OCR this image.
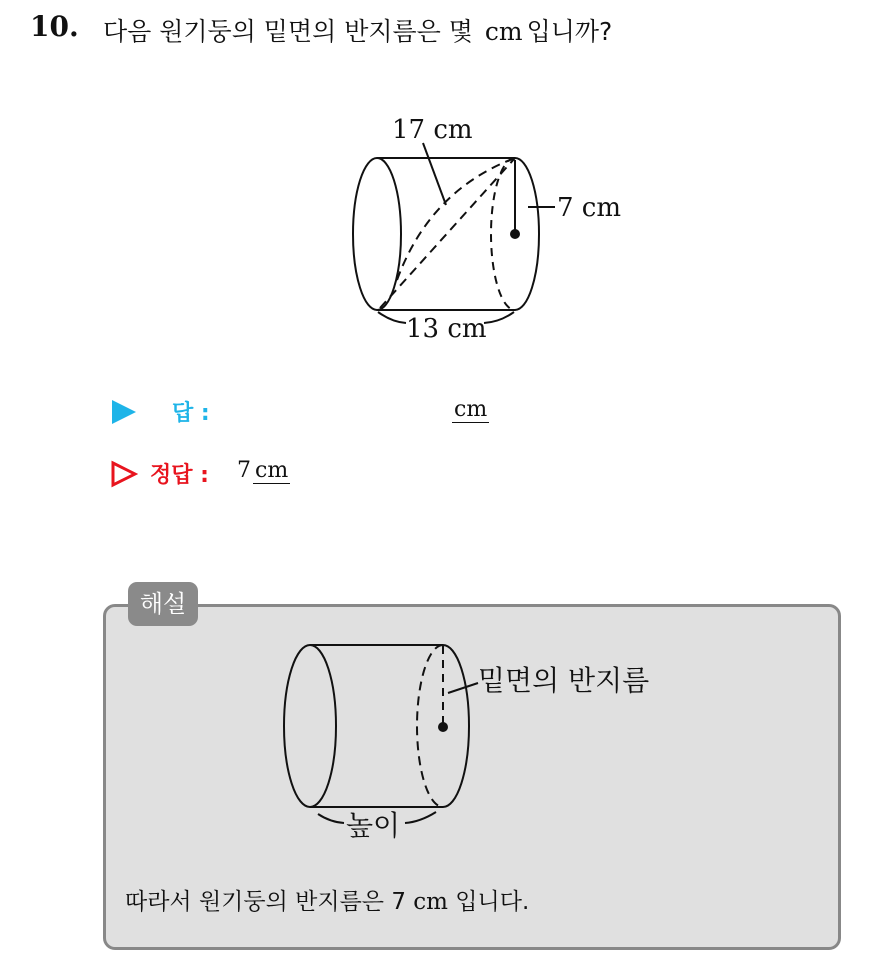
10. 다음 원기둥의 밑면의 반지름은 몇 cm 입니까?
17 cm
7 cm
13 cm
답 :	cm
정답 : 7 cm
해설
밑면의 반지름
높이
따라서 원기둥의 반지름은 7 cm 입니다.
